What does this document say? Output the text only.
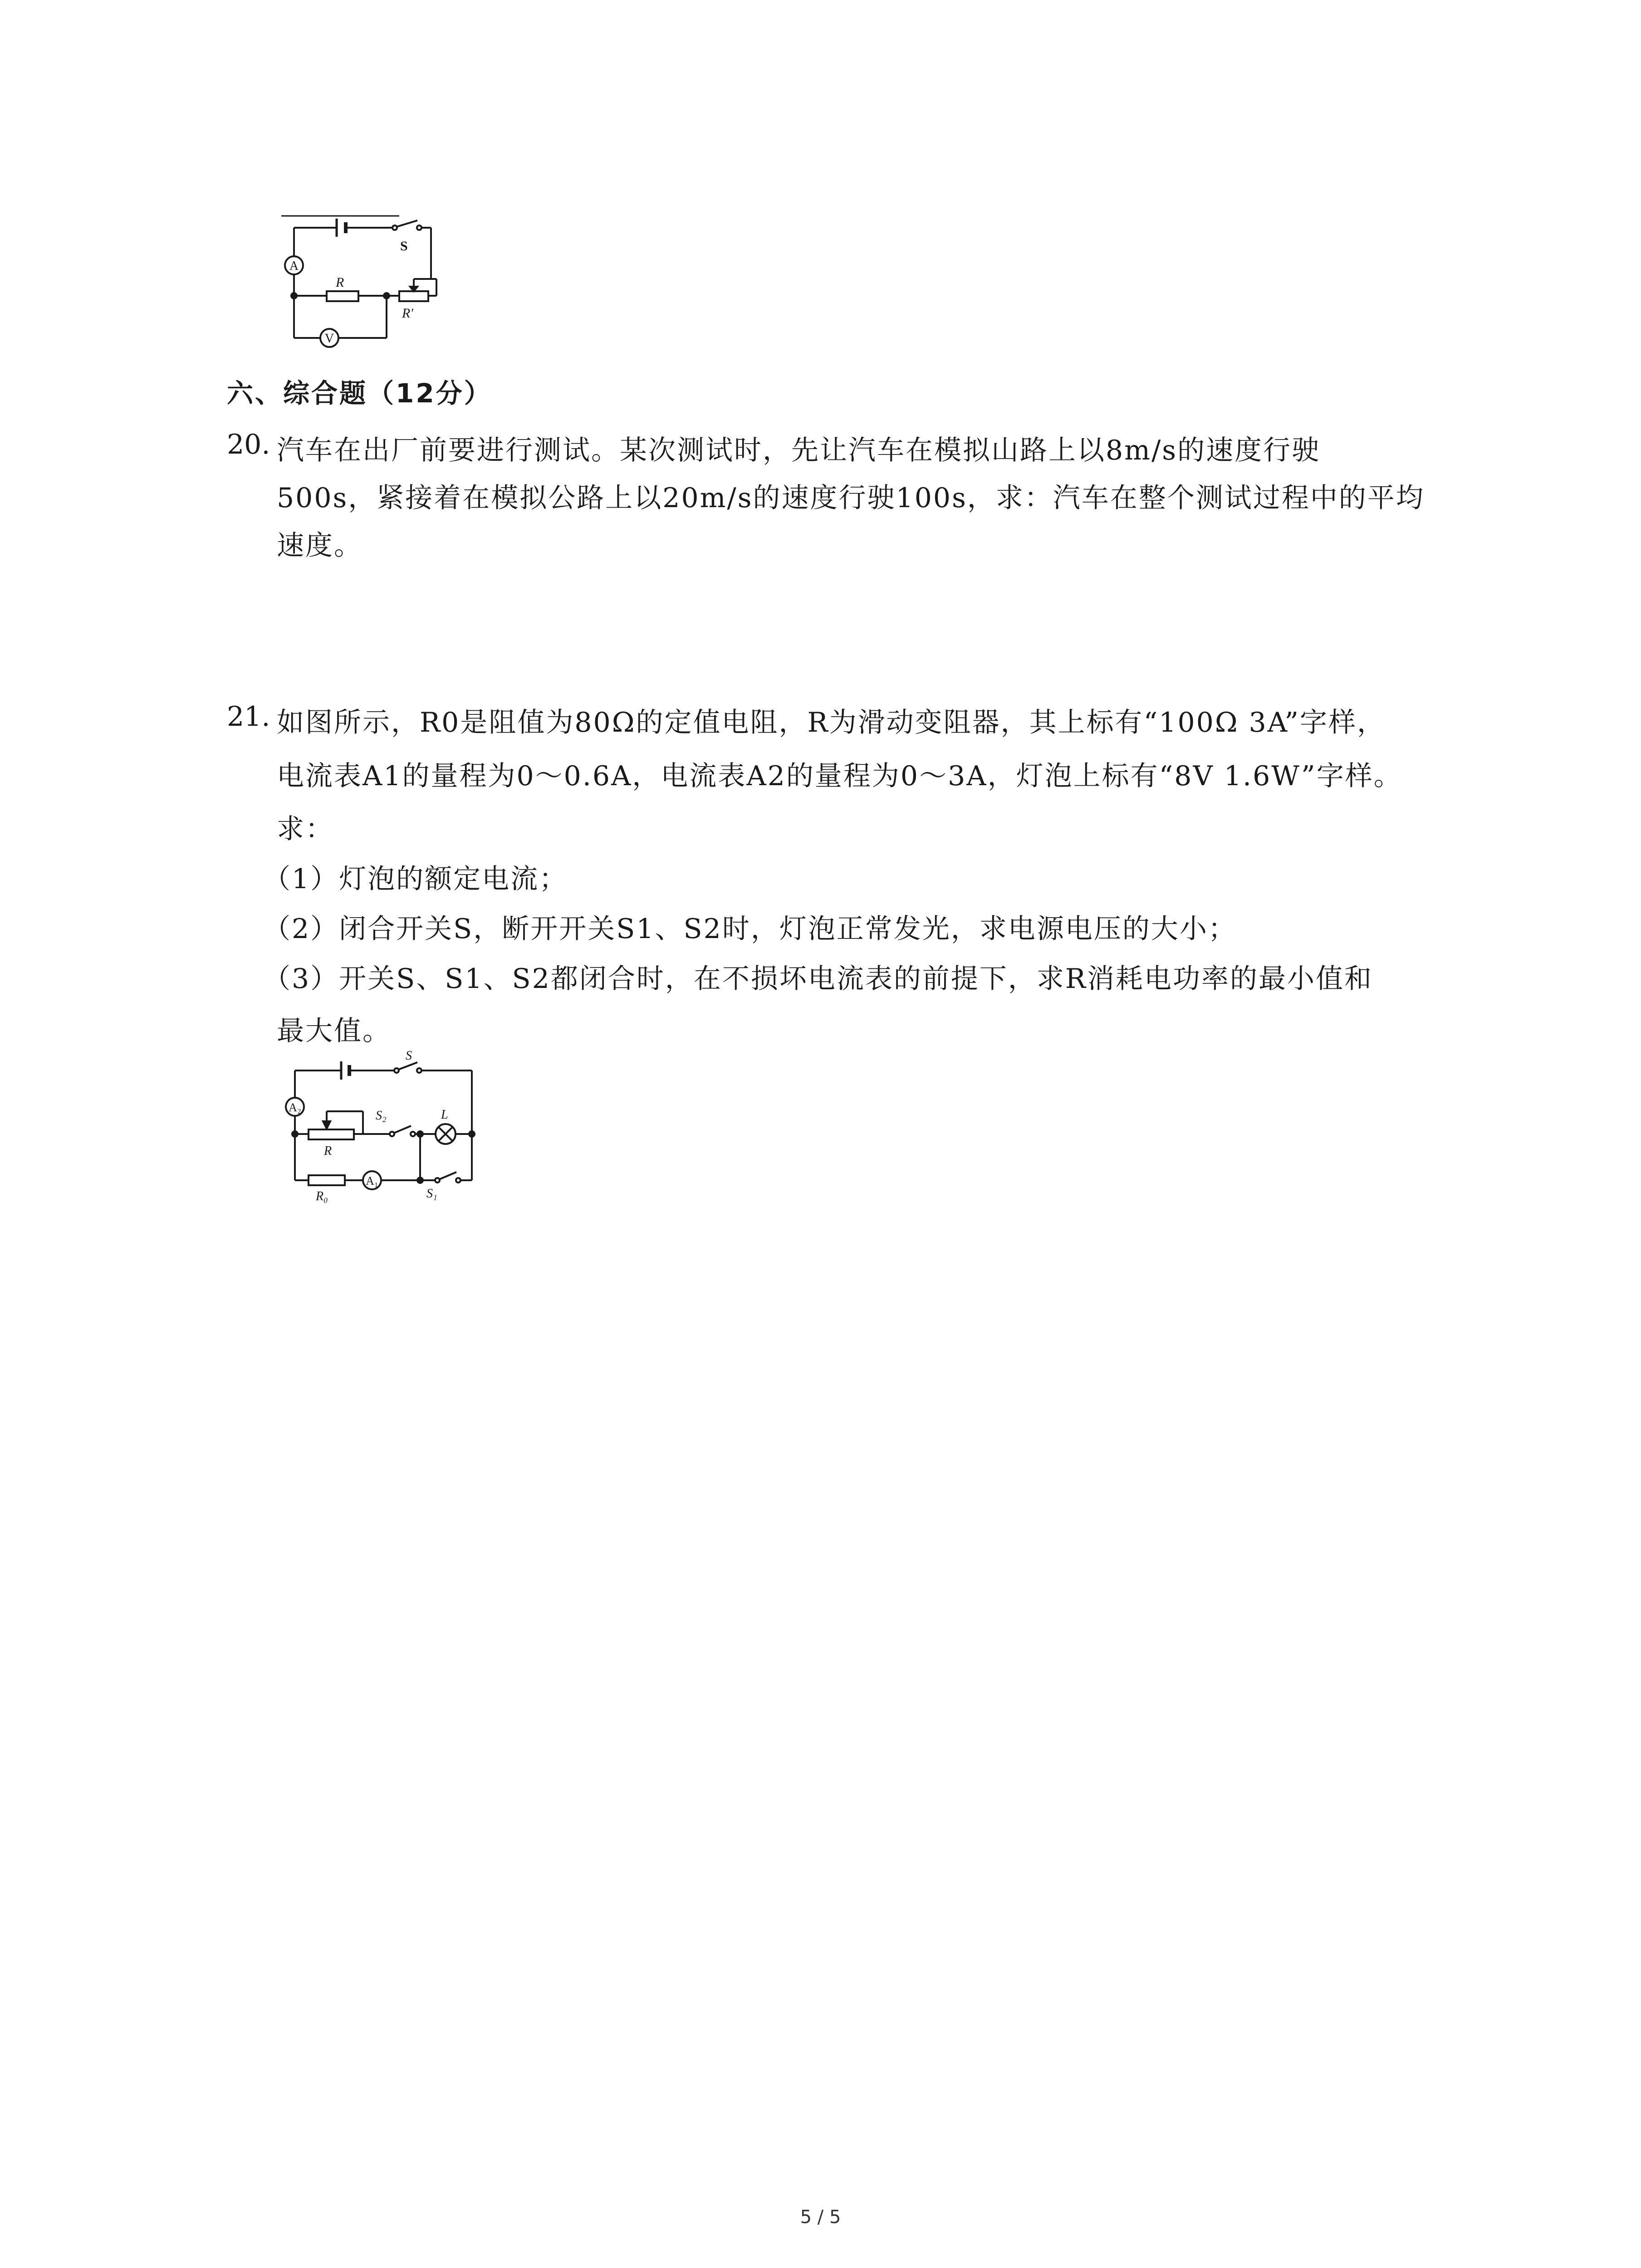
A
S
R
R′
V
六、综合题（12分）
20. 汽车在出厂前要进行测试。某次测试时，先让汽车在模拟山路上以8m/s的速度行驶
500s，紧接着在模拟公路上以20m/s的速度行驶100s，求：汽车在整个测试过程中的平均
速度。
21. 如图所示，R0是阻值为80Ω的定值电阻，R为滑动变阻器，其上标有“100Ω 3A”字样，
电流表A1的量程为0～0.6A，电流表A2的量程为0～3A，灯泡上标有“8V 1.6W”字样。
求：
（1）灯泡的额定电流；
（2）闭合开关S，断开开关S1、S2时，灯泡正常发光，求电源电压的大小；
（3）开关S、S1、S2都闭合时，在不损坏电流表的前提下，求R消耗电功率的最小值和
最大值。
S
A₂
S₂	L
R
A₁
R₀	S₁
5 / 5
